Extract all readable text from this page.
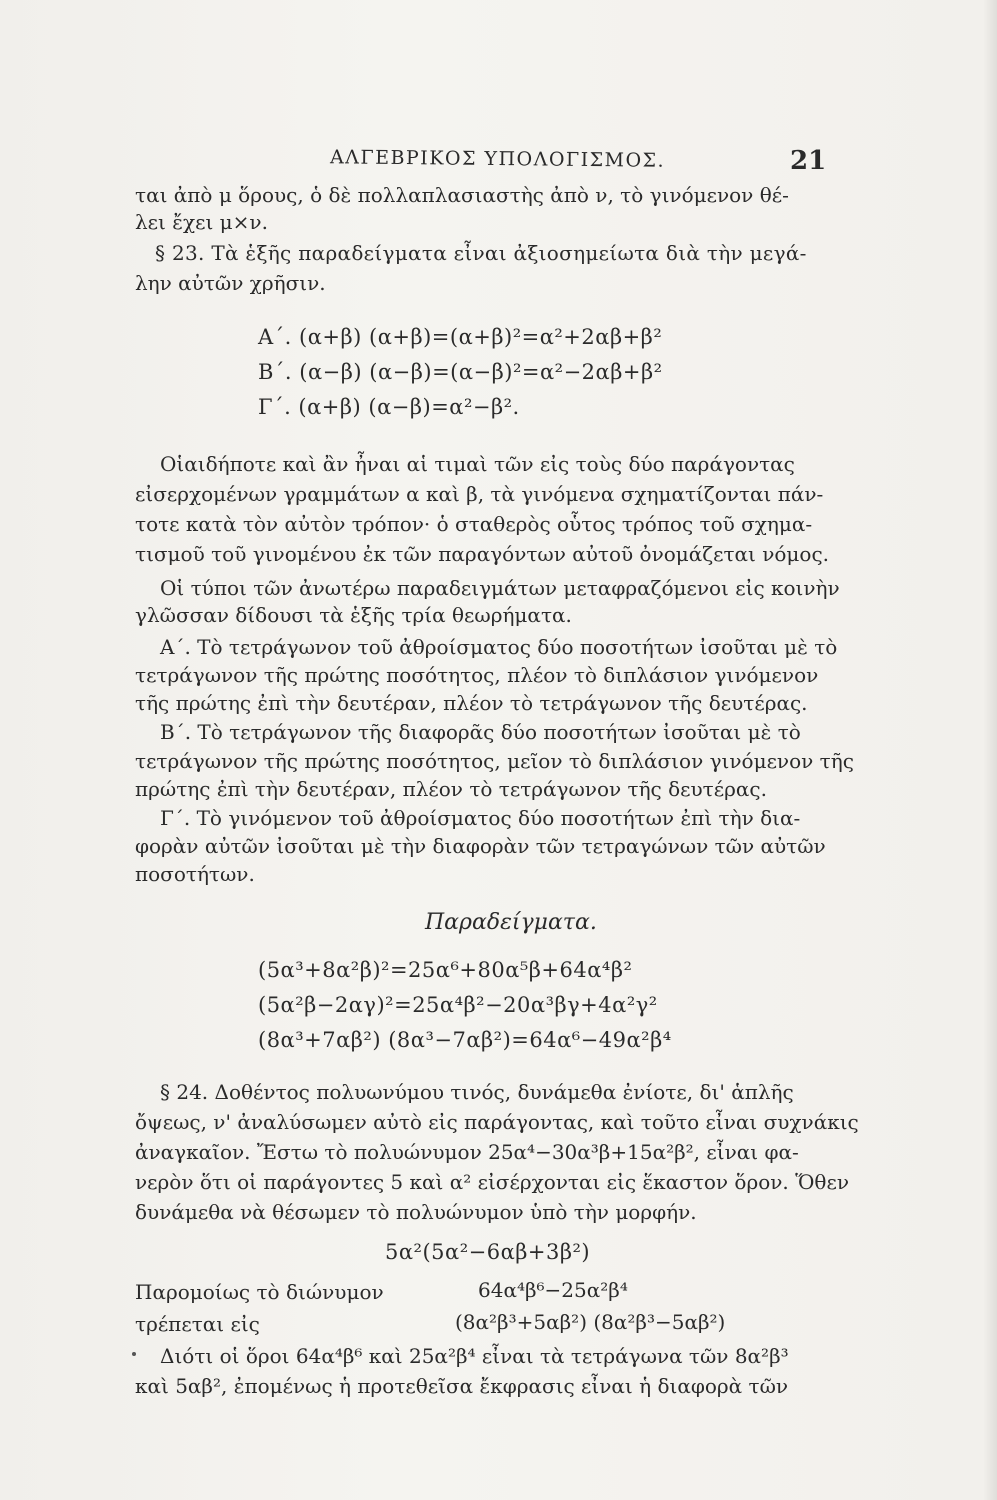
ΑΛΓΕΒΡΙΚΟΣ ΥΠΟΛΟΓΙΣΜΟΣ.	21
ται ἀπὸ μ ὅρους, ὁ δὲ πολλαπλασιαστὴς ἀπὸ ν, τὸ γινόμενον θέ-
λει ἔχει μ×ν.
§ 23. Τὰ ἑξῆς παραδείγματα εἶναι ἀξιοσημείωτα διὰ τὴν μεγά-
λην αὐτῶν χρῆσιν.
Α΄. (α+β) (α+β)=(α+β)²=α²+2αβ+β²
Β΄. (α−β) (α−β)=(α−β)²=α²−2αβ+β²
Γ΄. (α+β) (α−β)=α²−β².
Οἱαιδήποτε καὶ ἂν ἦναι αἱ τιμαὶ τῶν εἰς τοὺς δύο παράγοντας
εἰσερχομένων γραμμάτων α καὶ β, τὰ γινόμενα σχηματίζονται πάν-
τοτε κατὰ τὸν αὐτὸν τρόπον· ὁ σταθερὸς οὗτος τρόπος τοῦ σχημα-
τισμοῦ τοῦ γινομένου ἐκ τῶν παραγόντων αὐτοῦ ὀνομάζεται νόμος.
Οἱ τύποι τῶν ἀνωτέρω παραδειγμάτων μεταφραζόμενοι εἰς κοινὴν
γλῶσσαν δίδουσι τὰ ἑξῆς τρία θεωρήματα.
Α΄. Τὸ τετράγωνον τοῦ ἀθροίσματος δύο ποσοτήτων ἰσοῦται μὲ τὸ
τετράγωνον τῆς πρώτης ποσότητος, πλέον τὸ διπλάσιον γινόμενον
τῆς πρώτης ἐπὶ τὴν δευτέραν, πλέον τὸ τετράγωνον τῆς δευτέρας.
Β΄. Τὸ τετράγωνον τῆς διαφορᾶς δύο ποσοτήτων ἰσοῦται μὲ τὸ
τετράγωνον τῆς πρώτης ποσότητος, μεῖον τὸ διπλάσιον γινόμενον τῆς
πρώτης ἐπὶ τὴν δευτέραν, πλέον τὸ τετράγωνον τῆς δευτέρας.
Γ΄. Τὸ γινόμενον τοῦ ἀθροίσματος δύο ποσοτήτων ἐπὶ τὴν δια-
φορὰν αὐτῶν ἰσοῦται μὲ τὴν διαφορὰν τῶν τετραγώνων τῶν αὐτῶν
ποσοτήτων.
Παραδείγματα.
(5α³+8α²β)²=25α⁶+80α⁵β+64α⁴β²
(5α²β−2αγ)²=25α⁴β²−20α³βγ+4α²γ²
(8α³+7αβ²) (8α³−7αβ²)=64α⁶−49α²β⁴
§ 24. Δοθέντος πολυωνύμου τινός, δυνάμεθα ἐνίοτε, δι' ἁπλῆς
ὄψεως, ν' ἀναλύσωμεν αὐτὸ εἰς παράγοντας, καὶ τοῦτο εἶναι συχνάκις
ἀναγκαῖον. Ἔστω τὸ πολυώνυμον 25α⁴−30α³β+15α²β², εἶναι φα-
νερὸν ὅτι οἱ παράγοντες 5 καὶ α² εἰσέρχονται εἰς ἕκαστον ὅρον. Ὅθεν
δυνάμεθα νὰ θέσωμεν τὸ πολυώνυμον ὑπὸ τὴν μορφήν.
5α²(5α²−6αβ+3β²)
Παρομοίως τὸ διώνυμον	64α⁴β⁶−25α²β⁴
τρέπεται εἰς	(8α²β³+5αβ²) (8α²β³−5αβ²)
Διότι οἱ ὅροι 64α⁴β⁶ καὶ 25α²β⁴ εἶναι τὰ τετράγωνα τῶν 8α²β³
καὶ 5αβ², ἐπομένως ἡ προτεθεῖσα ἔκφρασις εἶναι ἡ διαφορὰ τῶν
